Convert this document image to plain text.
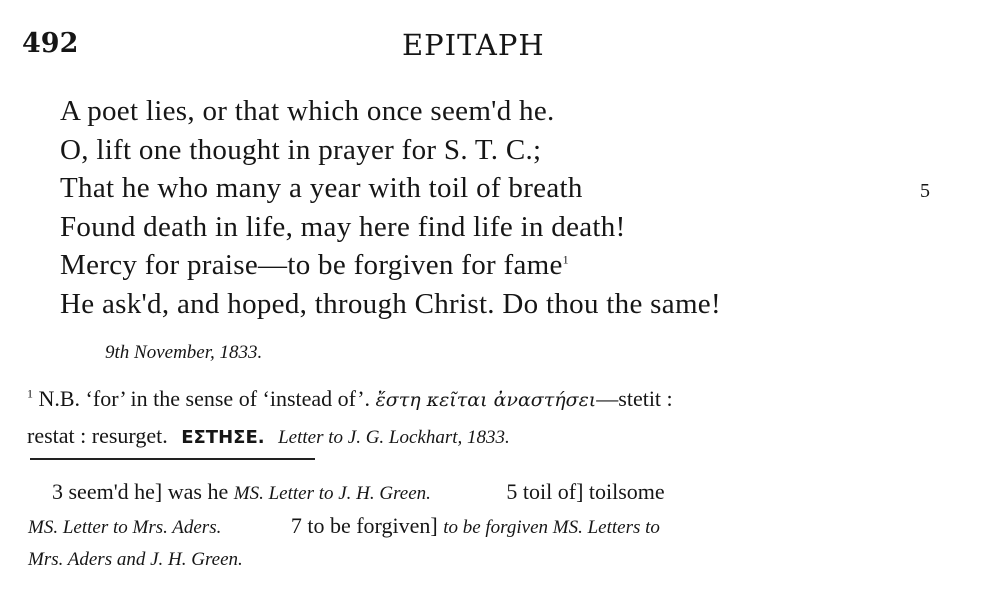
492	EPITAPH
A poet lies, or that which once seem'd he.
O, lift one thought in prayer for S. T. C.;
That he who many a year with toil of breath	5
Found death in life, may here find life in death!
Mercy for praise—to be forgiven for fame$^1$
He ask'd, and hoped, through Christ. Do thou the same!
9th November, 1833.
$^1$ N.B. ‘for’ in the sense of ‘instead of’. ἔστη κεῖται ἀναστήσει—stetit :
restat : resurget. ΕΣΤΗΣΕ. Letter to J. G. Lockhart, 1833.
3 seem'd he] was he MS. Letter to J. H. Green.	5 toil of] toilsome
MS. Letter to Mrs. Aders.	7 to be forgiven] to be forgiven MS. Letters to
Mrs. Aders and J. H. Green.
